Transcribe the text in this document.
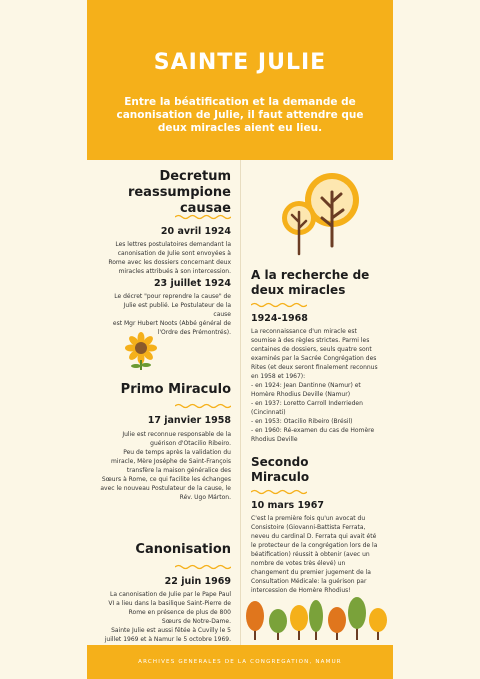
SAINTE JULIE
Entre la béatification et la demande de canonisation de Julie, il faut attendre que deux miracles aient eu lieu.
Decretum
reassumpione
causae
20 avril 1924
Les lettres postulatoires demandant la
canonisation de Julie sont envoyées à
Rome avec les dossiers concernant deux
miracles attribués à son intercession.
23 juillet 1924
Le décret "pour reprendre la cause" de
Julie est publié. Le Postulateur de la cause
est Mgr Hubert Noots (Abbé général de
l'Ordre des Prémontrés).
Primo Miraculo
17 janvier 1958
Julie est reconnue responsable de la
guérison d'Otacilio Ribeiro.
Peu de temps après la validation du
miracle, Mère Joséphe de Saint-François
transfère la maison généralice des
Sœurs à Rome, ce qui facilite les échanges
avec le nouveau Postulateur de la cause, le
Rév. Ugo Márton.
Canonisation
22 juin 1969
La canonisation de Julie par le Pape Paul
VI a lieu dans la basilique Saint-Pierre de
Rome en présence de plus de 800
Sœurs de Notre-Dame.
Sainte Julie est aussi fêtée à Cuvilly le 5
juillet 1969 et à Namur le 5 octobre 1969.
A la recherche de
deux miracles
1924-1968
La reconnaissance d'un miracle est
soumise à des règles strictes. Parmi les
centaines de dossiers, seuls quatre sont
examinés par la Sacrée Congrégation des
Rites (et deux seront finalement reconnus
en 1958 et 1967):
- en 1924: Jean Dantinne (Namur) et
Homère Rhodius Deville (Namur)
- en 1937: Loretto Carroll Inderrieden
(Cincinnati)
- en 1953: Otacilio Ribeiro (Brésil)
- en 1960: Ré-examen du cas de Homère
Rhodius Deville
Secondo
Miraculo
10 mars 1967
C'est la première fois qu'un avocat du
Consistoire (Giovanni-Battista Ferrata,
neveu du cardinal D. Ferrata qui avait été
le protecteur de la congrégation lors de la
béatification) réussit à obtenir (avec un
nombre de votes très élevé) un
changement du premier jugement de la
Consultation Médicale: la guérison par
intercession de Homère Rhodius!
ARCHIVES GENERALES DE LA CONGREGATION, NAMUR
